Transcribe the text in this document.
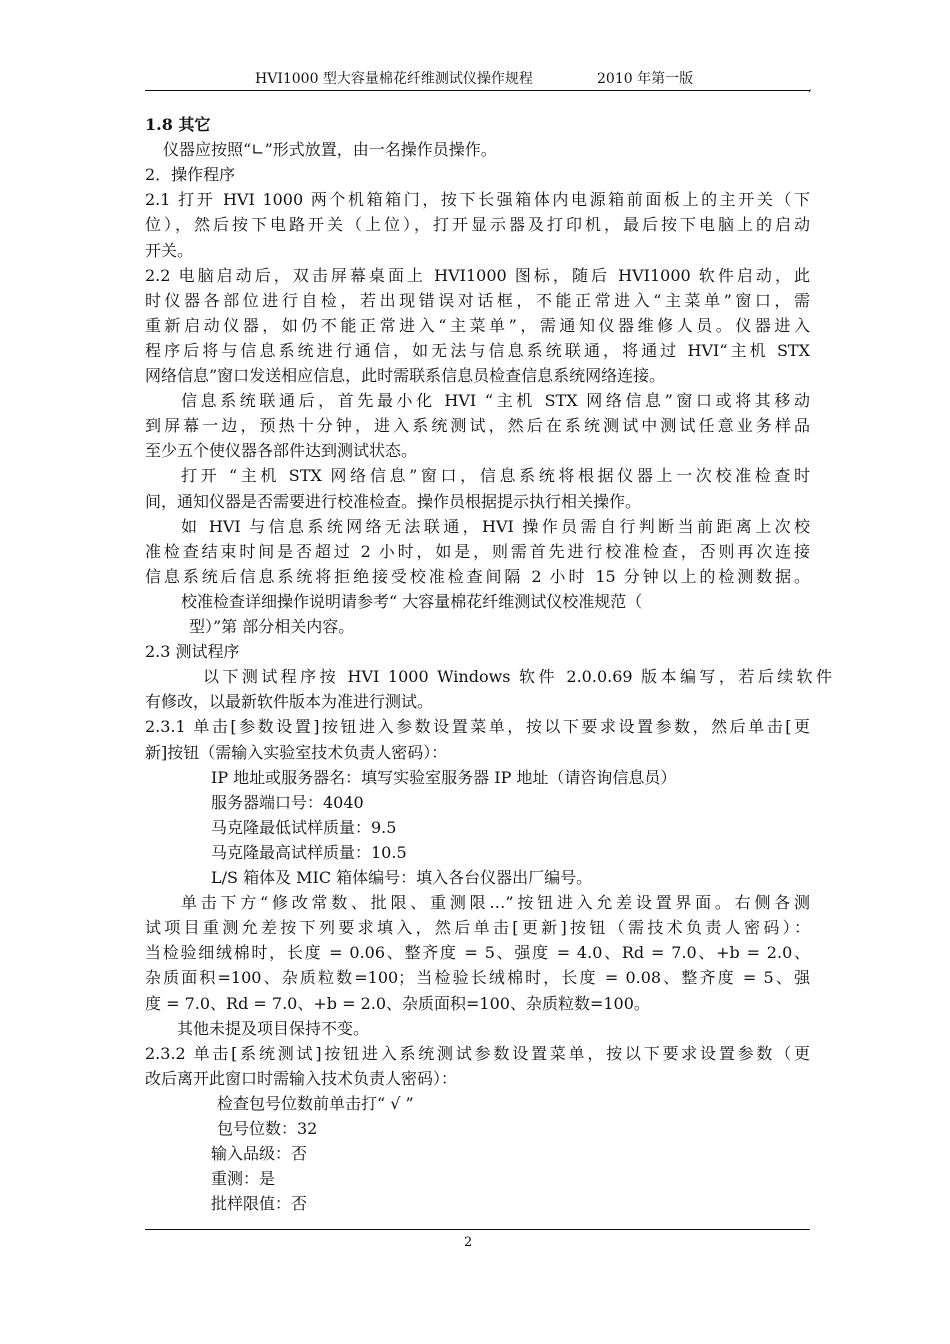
HVI1000 型大容量棉花纤维测试仪操作规程	2010 年第一版	,
1.8 其它
仪器应按照“∟”形式放置，由一名操作员操作。
2．操作程序
2.1 打开 HVI 1000 两个机箱箱门，按下长强箱体内电源箱前面板上的主开关（下
位），然后按下电路开关（上位），打开显示器及打印机，最后按下电脑上的启动
开关。
2.2 电脑启动后，双击屏幕桌面上 HVI1000 图标，随后 HVI1000 软件启动，此
时仪器各部位进行自检，若出现错误对话框，不能正常进入“主菜单”窗口，需
重新启动仪器，如仍不能正常进入“主菜单”，需通知仪器维修人员。仪器进入
程序后将与信息系统进行通信，如无法与信息系统联通，将通过 HVI“主机 STX
网络信息”窗口发送相应信息，此时需联系信息员检查信息系统网络连接。
信息系统联通后，首先最小化 HVI “主机 STX 网络信息”窗口或将其移动
到屏幕一边，预热十分钟，进入系统测试，然后在系统测试中测试任意业务样品
至少五个使仪器各部件达到测试状态。
打开 “主机 STX 网络信息”窗口，信息系统将根据仪器上一次校准检查时
间，通知仪器是否需要进行校准检查。操作员根据提示执行相关操作。
如 HVI 与信息系统网络无法联通，HVI 操作员需自行判断当前距离上次校
准检查结束时间是否超过 2 小时，如是，则需首先进行校准检查，否则再次连接
信息系统后信息系统将拒绝接受校准检查间隔 2 小时 15 分钟以上的检测数据。
校准检查详细操作说明请参考“ 大容量棉花纤维测试仪校准规范（
型）”第 部分相关内容。
2.3 测试程序
以下测试程序按 HVI 1000 Windows 软件 2.0.0.69 版本编写，若后续软件
有修改，以最新软件版本为准进行测试。
2.3.1 单击[参数设置]按钮进入参数设置菜单，按以下要求设置参数，然后单击[更
新]按钮（需输入实验室技术负责人密码）：
IP 地址或服务器名：填写实验室服务器 IP 地址（请咨询信息员）
服务器端口号：4040
马克隆最低试样质量：9.5
马克隆最高试样质量：10.5
L/S 箱体及 MIC 箱体编号：填入各台仪器出厂编号。
单击下方“修改常数、批限、重测限…”按钮进入允差设置界面。右侧各测
试项目重测允差按下列要求填入，然后单击[更新]按钮（需技术负责人密码）：
当检验细绒棉时，长度 = 0.06、整齐度 = 5、强度 = 4.0、Rd = 7.0、+b = 2.0、
杂质面积=100、杂质粒数=100；当检验长绒棉时，长度 = 0.08、整齐度 = 5、强
度 = 7.0、Rd = 7.0、+b = 2.0、杂质面积=100、杂质粒数=100。
其他未提及项目保持不变。
2.3.2 单击[系统测试]按钮进入系统测试参数设置菜单，按以下要求设置参数（更
改后离开此窗口时需输入技术负责人密码）：
检查包号位数前单击打“ √ ”
包号位数：32
输入品级：否
重测：是
批样限值：否
2
